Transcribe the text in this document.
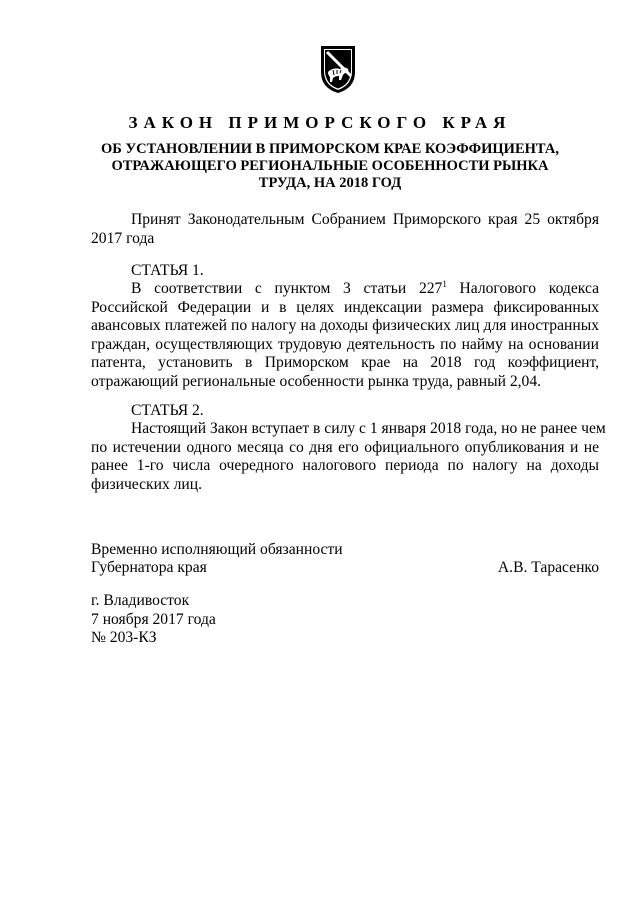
ЗАКОН ПРИМОРСКОГО КРАЯ
ОБ УСТАНОВЛЕНИИ В ПРИМОРСКОМ КРАЕ КОЭФФИЦИЕНТА,
ОТРАЖАЮЩЕГО РЕГИОНАЛЬНЫЕ ОСОБЕННОСТИ РЫНКА
ТРУДА, НА 2018 ГОД
Принят Законодательным Собранием Приморского края 25 октября
2017 года

СТАТЬЯ 1.

В соответствии с пунктом 3 статьи $227^1$ Налогового кодекса
Российской Федерации и в целях индексации размера фиксированных
авансовых платежей по налогу на доходы физических лиц для иностранных
граждан, осуществляющих трудовую деятельность по найму на основании
патента, установить в Приморском крае на 2018 год коэффициент,
отражающий региональные особенности рынка труда, равный 2,04.

СТАТЬЯ 2.

Настоящий Закон вступает в силу с 1 января 2018 года, но не ранее чем
по истечении одного месяца со дня его официального опубликования и не
ранее 1-го числа очередного налогового периода по налогу на доходы
физических лиц.
Временно исполняющий обязанности
Губернатора края	А.В. Тарасенко
г. Владивосток
7 ноября 2017 года
№ 203-КЗ
